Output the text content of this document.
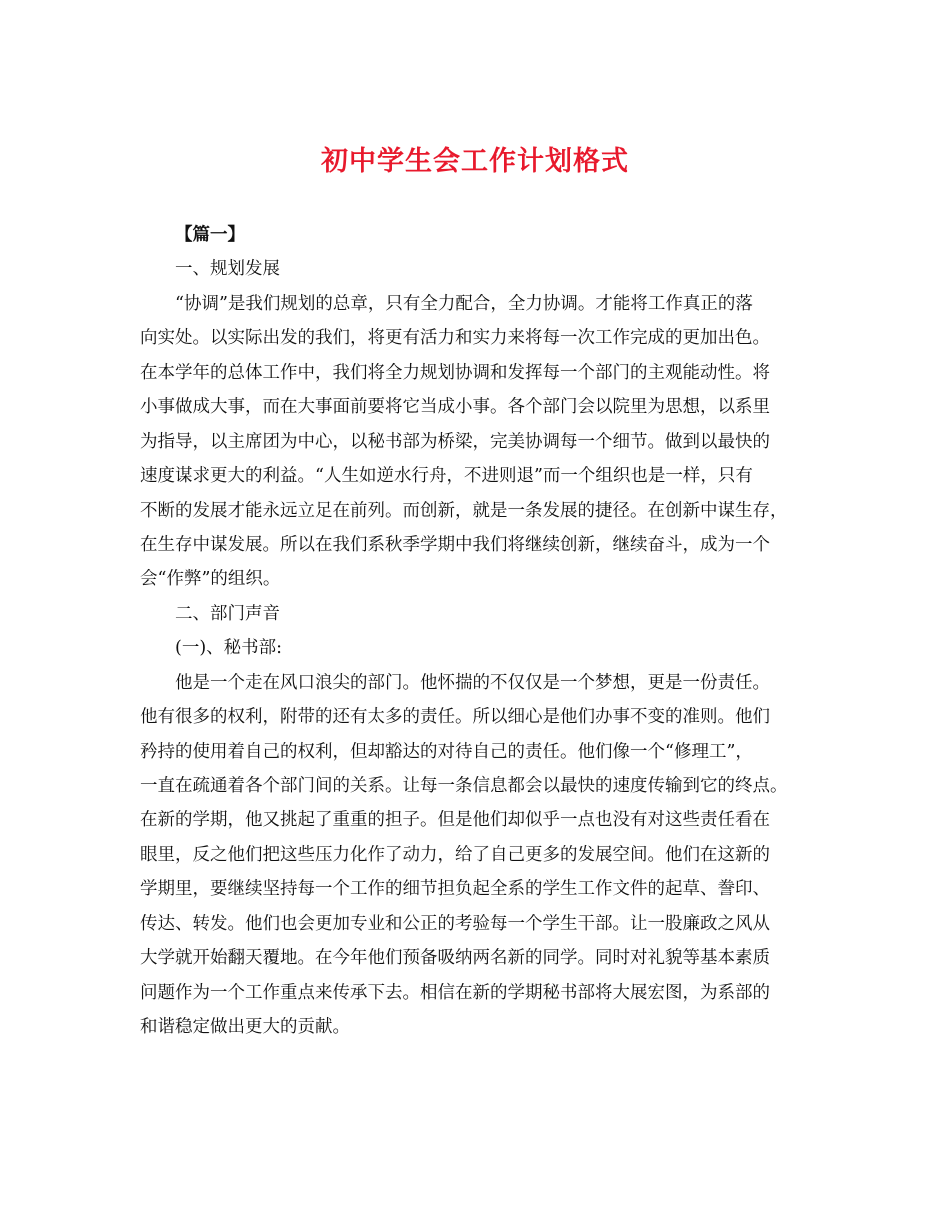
初中学生会工作计划格式
【篇一】
一、规划发展
“协调”是我们规划的总章，只有全力配合，全力协调。才能将工作真正的落
向实处。以实际出发的我们，将更有活力和实力来将每一次工作完成的更加出色。
在本学年的总体工作中，我们将全力规划协调和发挥每一个部门的主观能动性。将
小事做成大事，而在大事面前要将它当成小事。各个部门会以院里为思想，以系里
为指导，以主席团为中心，以秘书部为桥梁，完美协调每一个细节。做到以最快的
速度谋求更大的利益。“人生如逆水行舟，不进则退”而一个组织也是一样，只有
不断的发展才能永远立足在前列。而创新，就是一条发展的捷径。在创新中谋生存，
在生存中谋发展。所以在我们系秋季学期中我们将继续创新，继续奋斗，成为一个
会“作弊”的组织。
二、部门声音
(一)、秘书部:
他是一个走在风口浪尖的部门。他怀揣的不仅仅是一个梦想，更是一份责任。
他有很多的权利，附带的还有太多的责任。所以细心是他们办事不变的准则。他们
矜持的使用着自己的权利，但却豁达的对待自己的责任。他们像一个“修理工”，
一直在疏通着各个部门间的关系。让每一条信息都会以最快的速度传输到它的终点。
在新的学期，他又挑起了重重的担子。但是他们却似乎一点也没有对这些责任看在
眼里，反之他们把这些压力化作了动力，给了自己更多的发展空间。他们在这新的
学期里，要继续坚持每一个工作的细节担负起全系的学生工作文件的起草、誊印、
传达、转发。他们也会更加专业和公正的考验每一个学生干部。让一股廉政之风从
大学就开始翻天覆地。在今年他们预备吸纳两名新的同学。同时对礼貌等基本素质
问题作为一个工作重点来传承下去。相信在新的学期秘书部将大展宏图，为系部的
和谐稳定做出更大的贡献。
